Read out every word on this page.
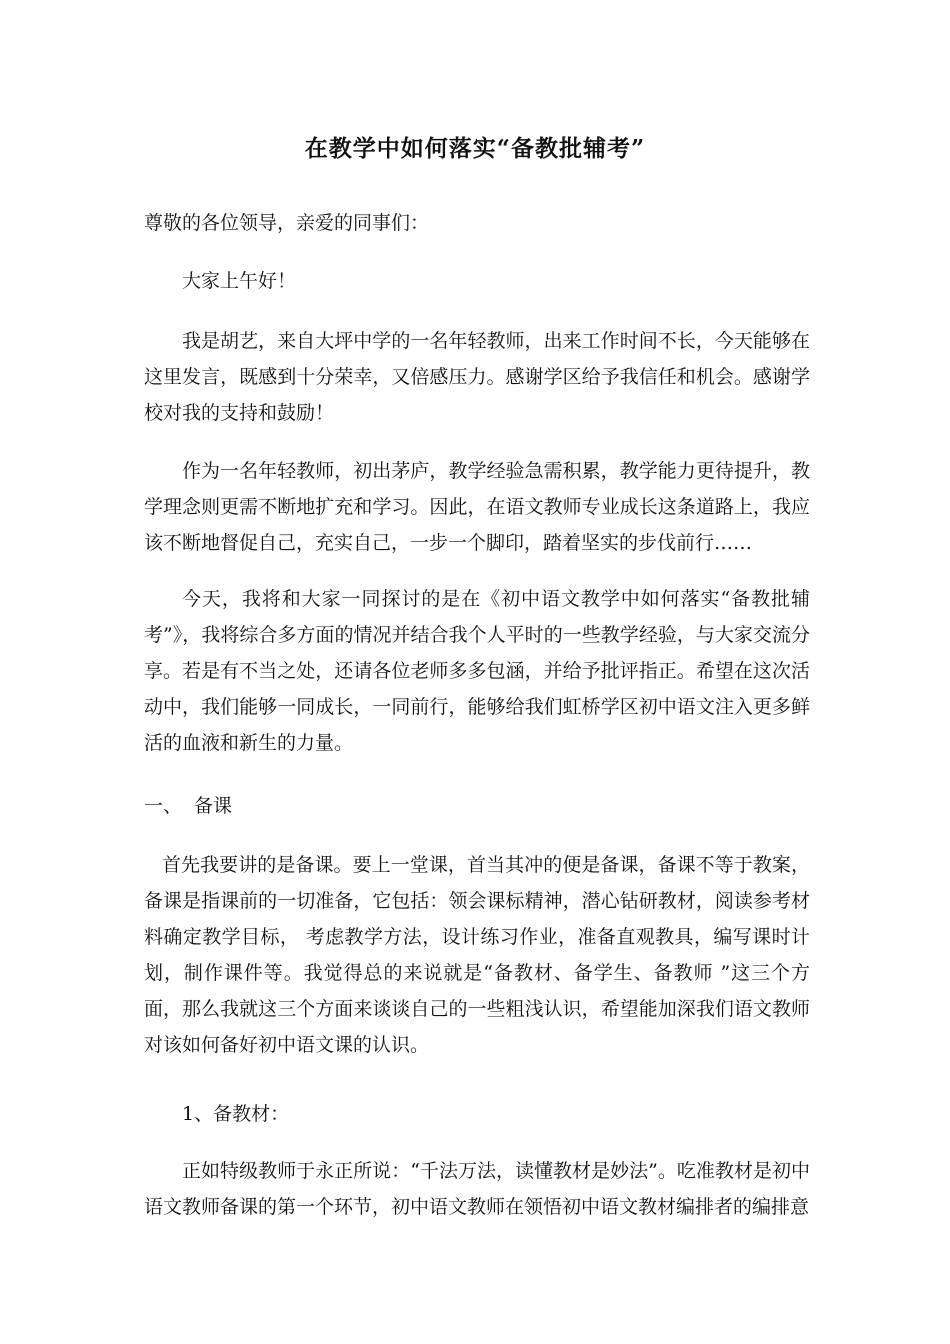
在教学中如何落实“备教批辅考”

尊敬的各位领导，亲爱的同事们：

大家上午好！

我是胡艺，来自大坪中学的一名年轻教师，出来工作时间不长，今天能够在这里发言，既感到十分荣幸，又倍感压力。感谢学区给予我信任和机会。感谢学校对我的支持和鼓励！

作为一名年轻教师，初出茅庐，教学经验急需积累，教学能力更待提升，教学理念则更需不断地扩充和学习。因此，在语文教师专业成长这条道路上，我应该不断地督促自己，充实自己，一步一个脚印，踏着坚实的步伐前行……

今天，我将和大家一同探讨的是在《初中语文教学中如何落实“备教批辅考”》，我将综合多方面的情况并结合我个人平时的一些教学经验，与大家交流分享。若是有不当之处，还请各位老师多多包涵，并给予批评指正。希望在这次活动中，我们能够一同成长，一同前行，能够给我们虹桥学区初中语文注入更多鲜活的血液和新生的力量。

一、 备课

首先我要讲的是备课。要上一堂课，首当其冲的便是备课，备课不等于教案，备课是指课前的一切准备，它包括：领会课标精神，潜心钻研教材，阅读参考材料确定教学目标， 考虑教学方法，设计练习作业，准备直观教具，编写课时计划，制作课件等。我觉得总的来说就是“备教材、备学生、备教师 ”这三个方面，那么我就这三个方面来谈谈自己的一些粗浅认识，希望能加深我们语文教师对该如何备好初中语文课的认识。

1、备教材：

正如特级教师于永正所说：“千法万法，读懂教材是妙法”。吃准教材是初中语文教师备课的第一个环节，初中语文教师在领悟初中语文教材编排者的编排意
